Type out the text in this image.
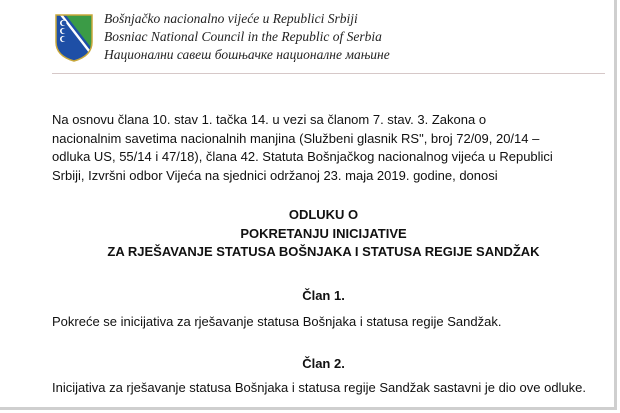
Bošnjačko nacionalno vijeće u Republici Srbiji
Bosniac National Council in the Republic of Serbia
Национални савеш бошњачке националне мањине
Na osnovu člana 10. stav 1. tačka 14. u vezi sa članom 7. stav. 3. Zakona o
nacionalnim savetima nacionalnih manjina (Službeni glasnik RS", broj 72/09, 20/14 –
odluka US, 55/14 i 47/18), člana 42. Statuta Bošnjačkog nacionalnog vijeća u Republici
Srbiji, Izvršni odbor Vijeća na sjednici održanoj 23. maja 2019. godine, donosi
ODLUKU O
POKRETANJU INICIJATIVE
ZA RJEŠAVANJE STATUSA BOŠNJAKA I STATUSA REGIJE SANDŽAK
Član 1.
Pokreće se inicijativa za rješavanje statusa Bošnjaka i statusa regije Sandžak.
Član 2.
Inicijativa za rješavanje statusa Bošnjaka i statusa regije Sandžak sastavni je dio ove odluke.
